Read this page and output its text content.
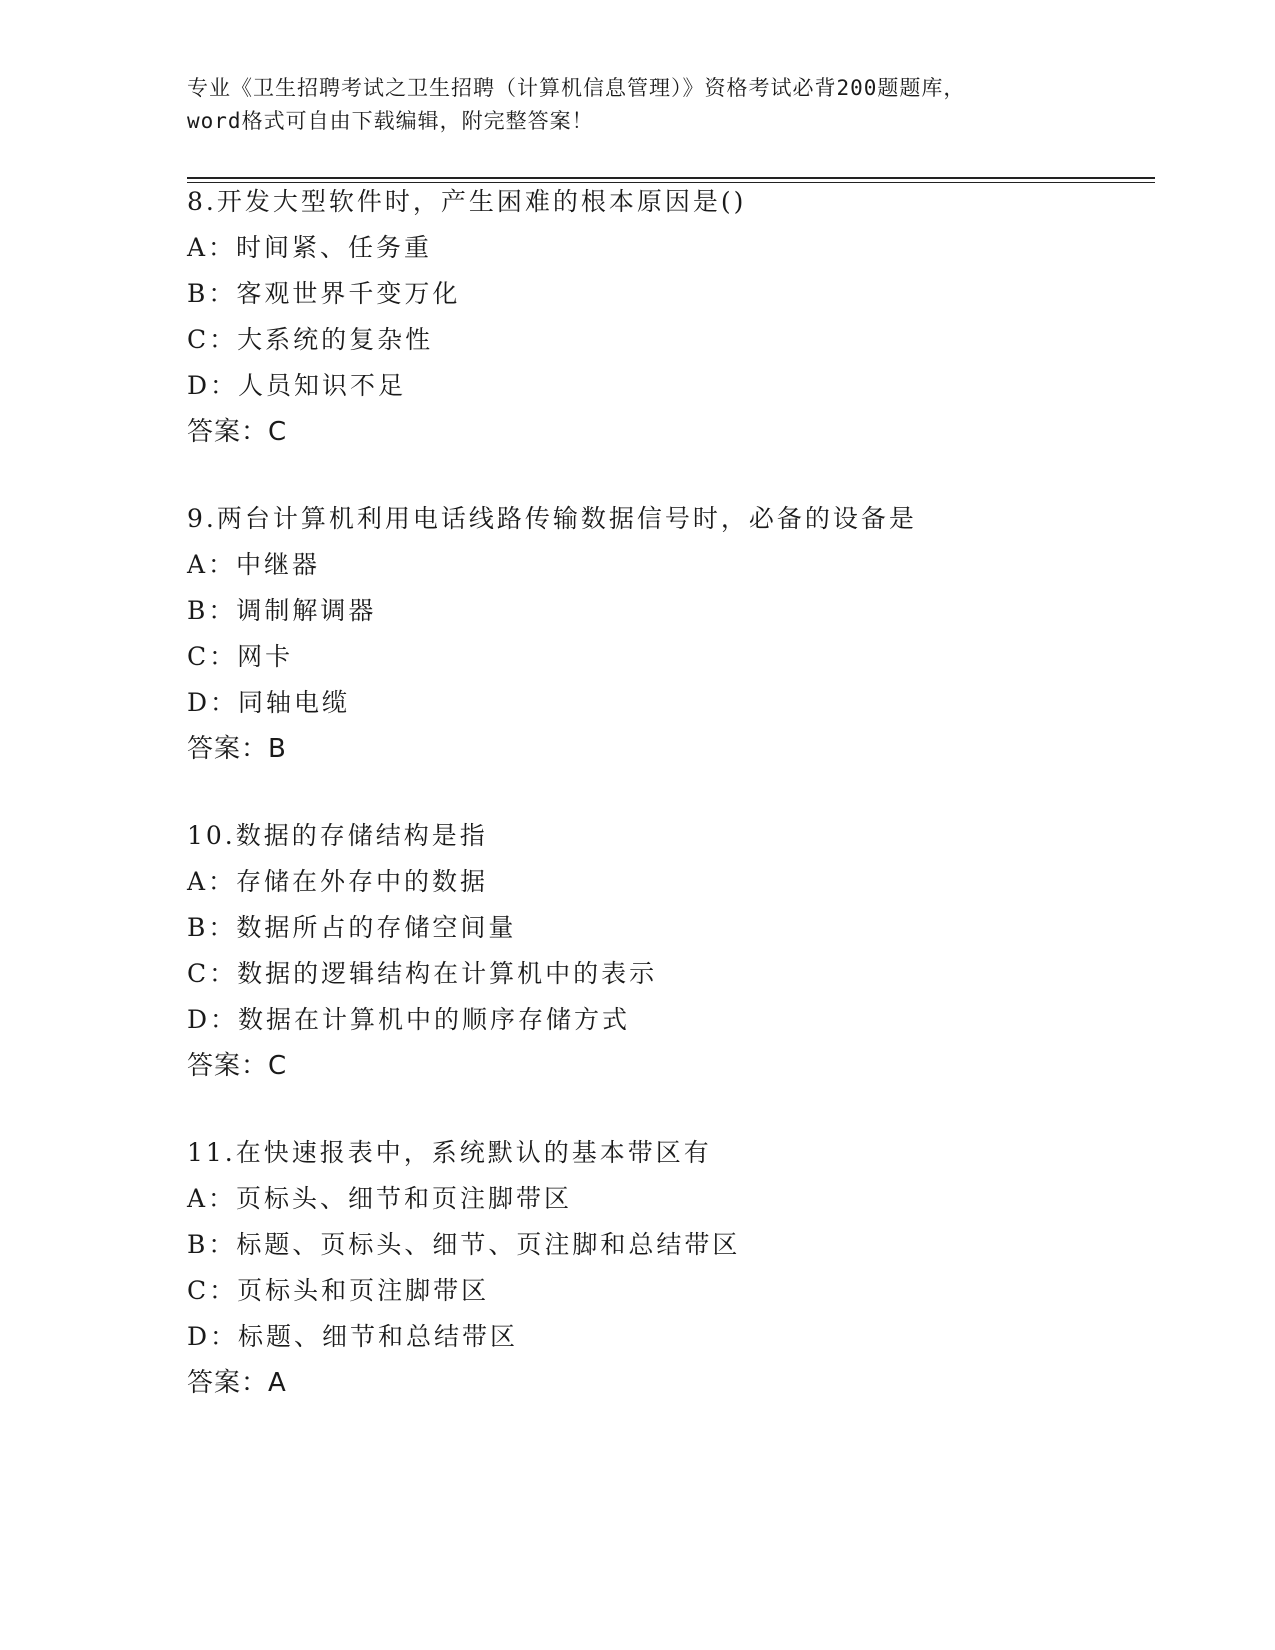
专业《卫生招聘考试之卫生招聘（计算机信息管理）》资格考试必背200题题库，
word格式可自由下载编辑，附完整答案！
8.开发大型软件时，产生困难的根本原因是()
A：时间紧、任务重
B：客观世界千变万化
C：大系统的复杂性
D：人员知识不足
答案：C
9.两台计算机利用电话线路传输数据信号时，必备的设备是
A：中继器
B：调制解调器
C：网卡
D：同轴电缆
答案：B
10.数据的存储结构是指
A：存储在外存中的数据
B：数据所占的存储空间量
C：数据的逻辑结构在计算机中的表示
D：数据在计算机中的顺序存储方式
答案：C
11.在快速报表中，系统默认的基本带区有
A：页标头、细节和页注脚带区
B：标题、页标头、细节、页注脚和总结带区
C：页标头和页注脚带区
D：标题、细节和总结带区
答案：A
